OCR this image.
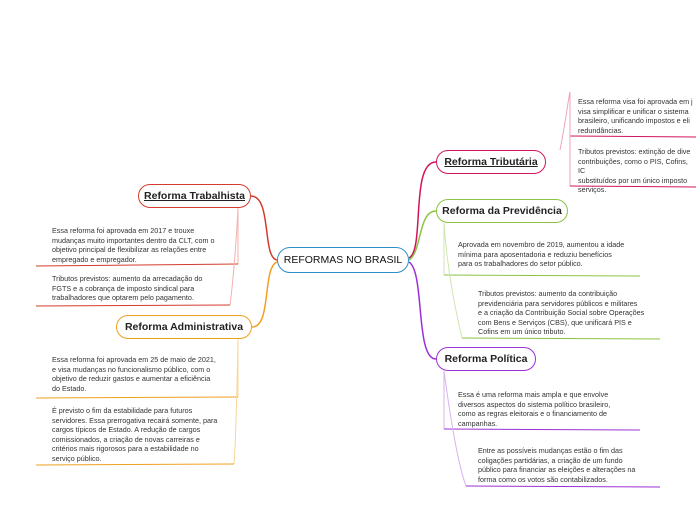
REFORMAS NO BRASIL
Reforma Trabalhista
Reforma Administrativa
Reforma Tributária
Reforma da Previdência
Reforma Política
Essa reforma foi aprovada em 2017 e trouxe
mudanças muito importantes dentro da CLT, com o
objetivo principal de flexibilizar as relações entre
empregado e empregador.
Tributos previstos: aumento da arrecadação do
FGTS e a cobrança de imposto sindical para
trabalhadores que optarem pelo pagamento.
Essa reforma foi aprovada em 25 de maio de 2021,
e visa mudanças no funcionalismo público, com o
objetivo de reduzir gastos e aumentar a eficiência
do Estado.
É previsto o fim da estabilidade para futuros
servidores. Essa prerrogativa recairá somente, para
cargos típicos de Estado. A redução de cargos
comissionados, a criação de novas carreiras e
critérios mais rigorosos para a estabilidade no
serviço público.
Essa reforma visa foi aprovada em j
visa simplificar e unificar o sistema
brasileiro, unificando impostos e eli
redundâncias.
Tributos previstos: extinção de dive
contribuições, como o PIS, Cofins, IC
substituídos por um único imposto
serviços.
Aprovada em novembro de 2019, aumentou a idade
mínima para aposentadoria e reduziu benefícios
para os trabalhadores do setor público.
Tributos previstos: aumento da contribuição
previdenciária para servidores públicos e militares
e a criação da Contribuição Social sobre Operações
com Bens e Serviços (CBS), que unificará PIS e
Cofins em um único tributo.
Essa é uma reforma mais ampla e que envolve
diversos aspectos do sistema político brasileiro,
como as regras eleitorais e o financiamento de
campanhas.
Entre as possíveis mudanças estão o fim das
coligações partidárias, a criação de um fundo
público para financiar as eleições e alterações na
forma como os votos são contabilizados.
